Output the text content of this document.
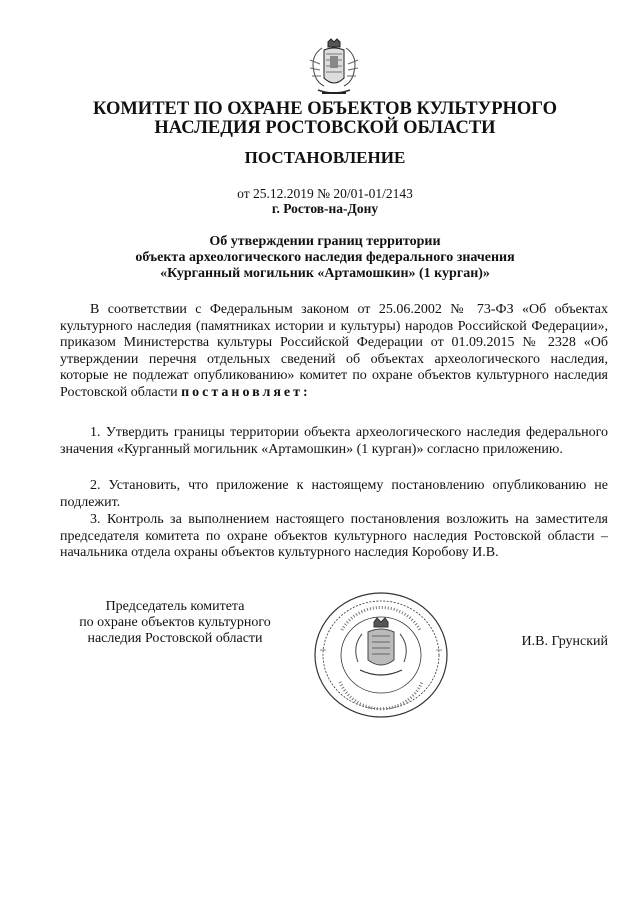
КОМИТЕТ ПО ОХРАНЕ ОБЪЕКТОВ КУЛЬТУРНОГО
НАСЛЕДИЯ РОСТОВСКОЙ ОБЛАСТИ
ПОСТАНОВЛЕНИЕ
от 25.12.2019 № 20/01-01/2143
г. Ростов-на-Дону
Об утверждении границ территории
объекта археологического наследия федерального значения
«Курганный могильник «Артамошкин» (1 курган)»

В соответствии с Федеральным законом от 25.06.2002 № 73-ФЗ «Об объектах культурного наследия (памятниках истории и культуры) народов Российской Федерации», приказом Министерства культуры Российской Федерации от 01.09.2015 № 2328 «Об утверждении перечня отдельных сведений об объектах археологического наследия, которые не подлежат опубликованию» комитет по охране объектов культурного наследия Ростовской области постановляет:

1. Утвердить границы территории объекта археологического наследия федерального значения «Курганный могильник «Артамошкин» (1 курган)» согласно приложению.

2. Установить, что приложение к настоящему постановлению опубликованию не подлежит.

3. Контроль за выполнением настоящего постановления возложить на заместителя председателя комитета по охране объектов культурного наследия Ростовской области – начальника отдела охраны объектов культурного наследия Коробову И.В.

Председатель комитета
по охране объектов культурного
наследия Ростовской области	И.В. Грунский
